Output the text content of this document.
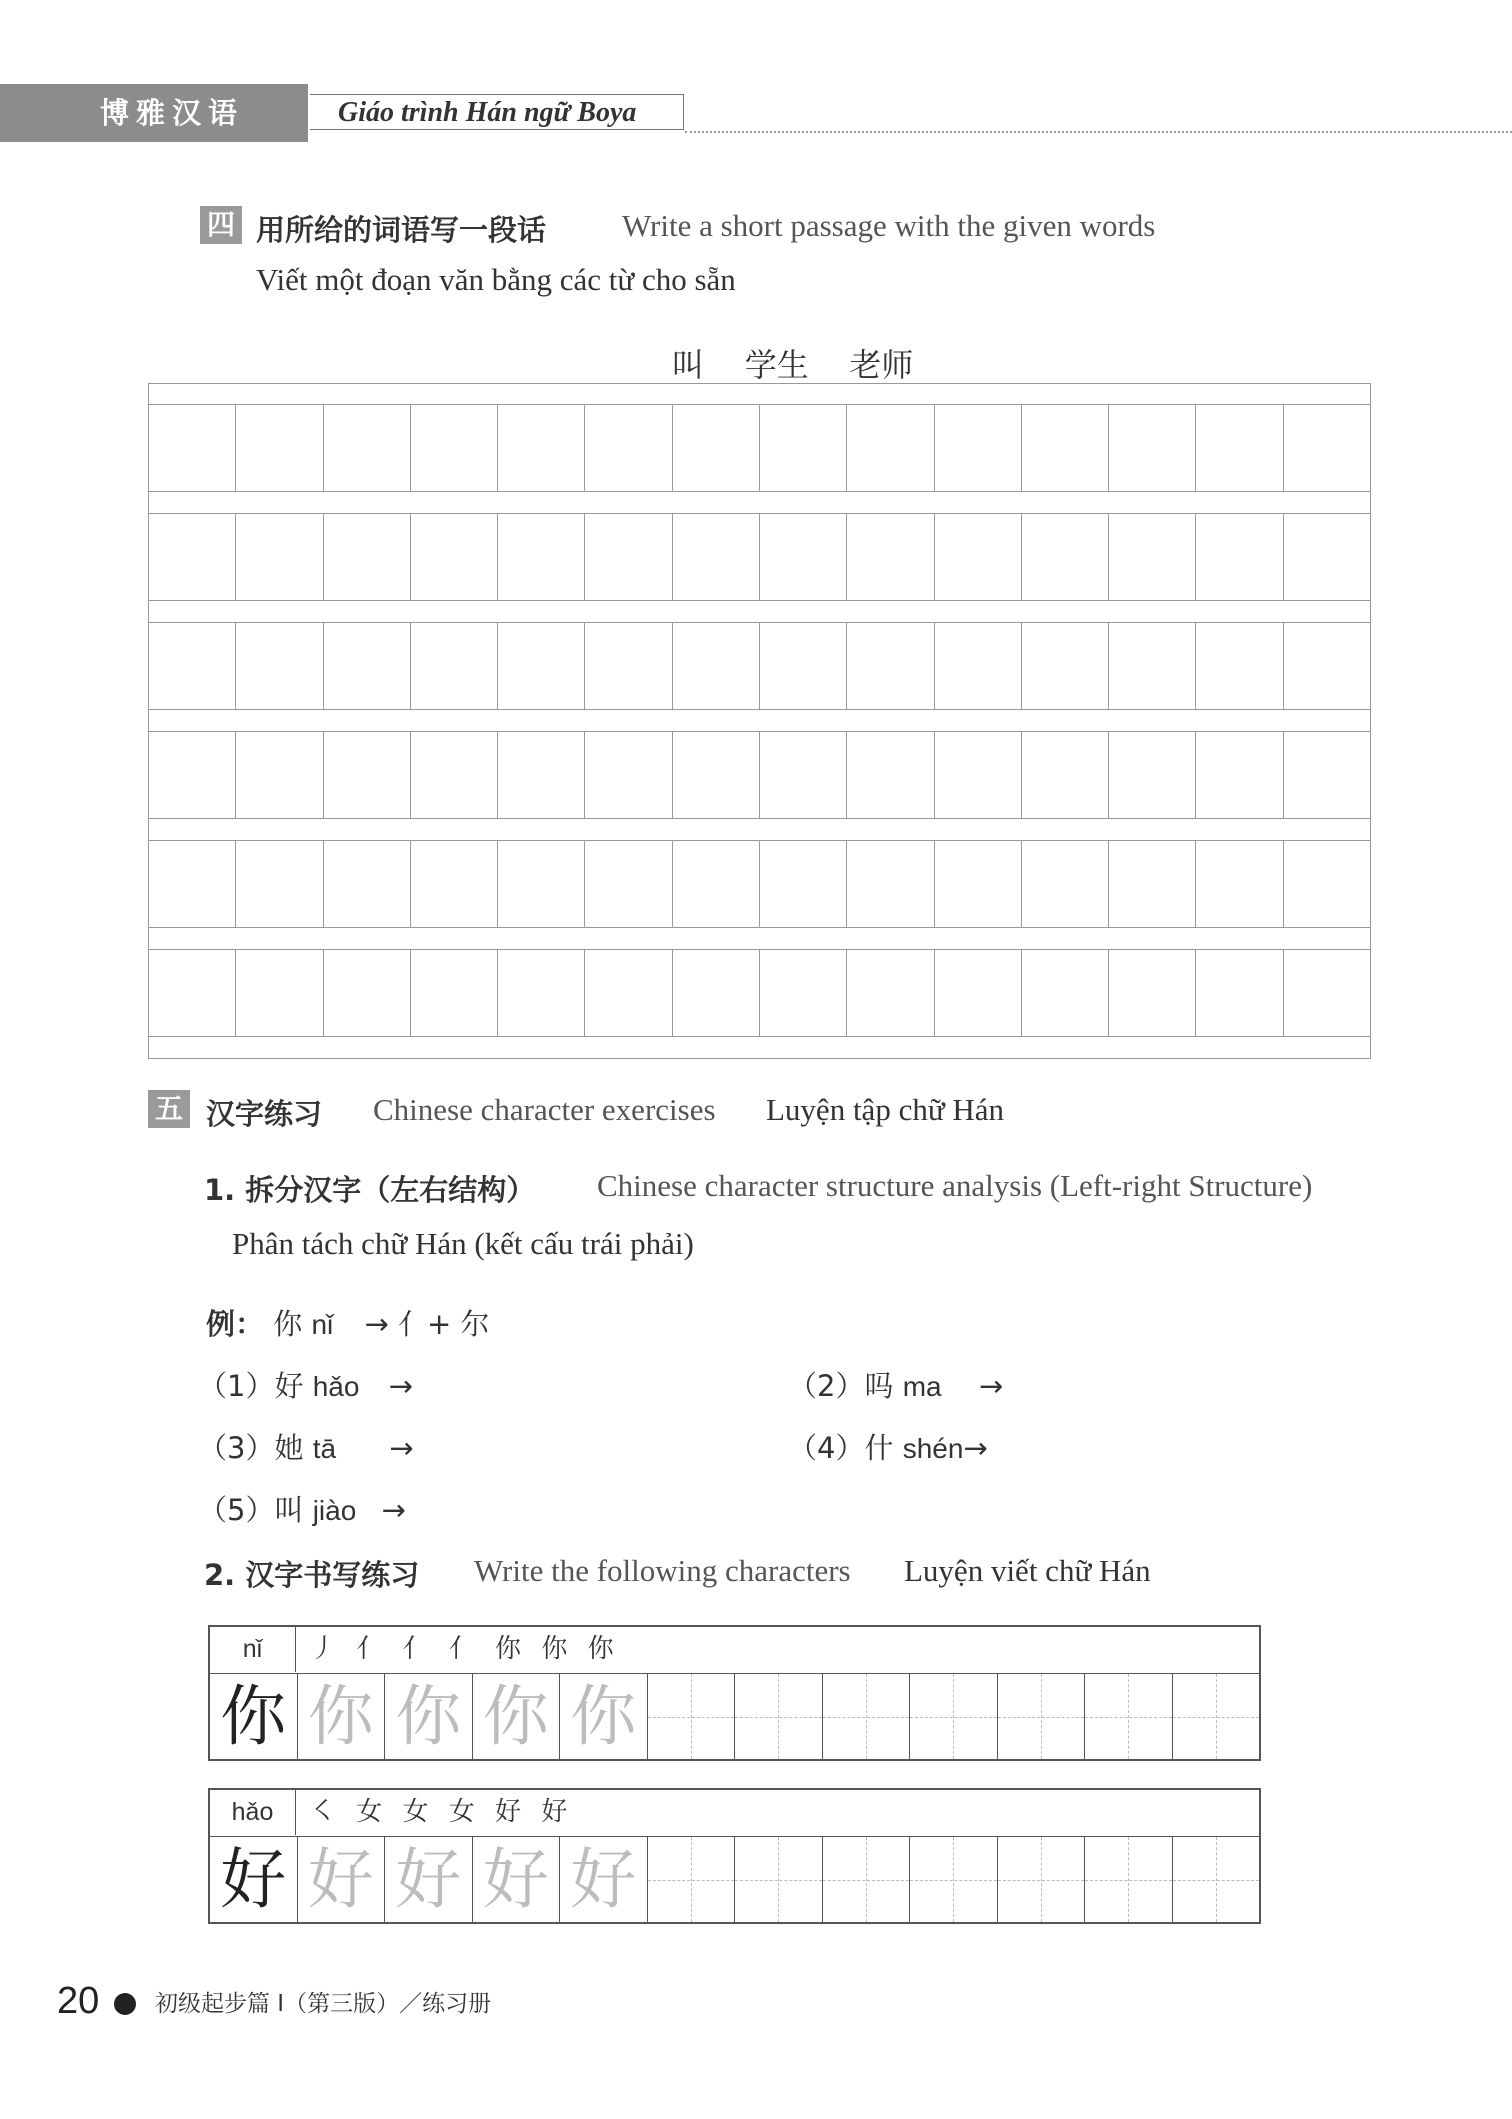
博雅汉语	Giáo trình Hán ngữ Boya
四 用所给的词语写一段话 Write a short passage with the given words
Viết một đoạn văn bằng các từ cho sẵn
叫    学生    老师
五 汉字练习 Chinese character exercises Luyện tập chữ Hán
1. 拆分汉字（左右结构） Chinese character structure analysis (Left-right Structure)
Phân tách chữ Hán (kết cấu trái phải)
例： 你 nǐ → 亻+ 尔
（1）好 hǎo →	（2）吗 ma →
（3）她 tā →	（4）什 shén→
（5）叫 jiào →
2. 汉字书写练习 Write the following characters Luyện viết chữ Hán
nǐ	丿 亻 亻 亻 你 你 你
你 你 你 你 你
hǎo	㇛ 女 女 女 好 好
好 好 好 好 好
20 初级起步篇 I（第三版）／练习册
